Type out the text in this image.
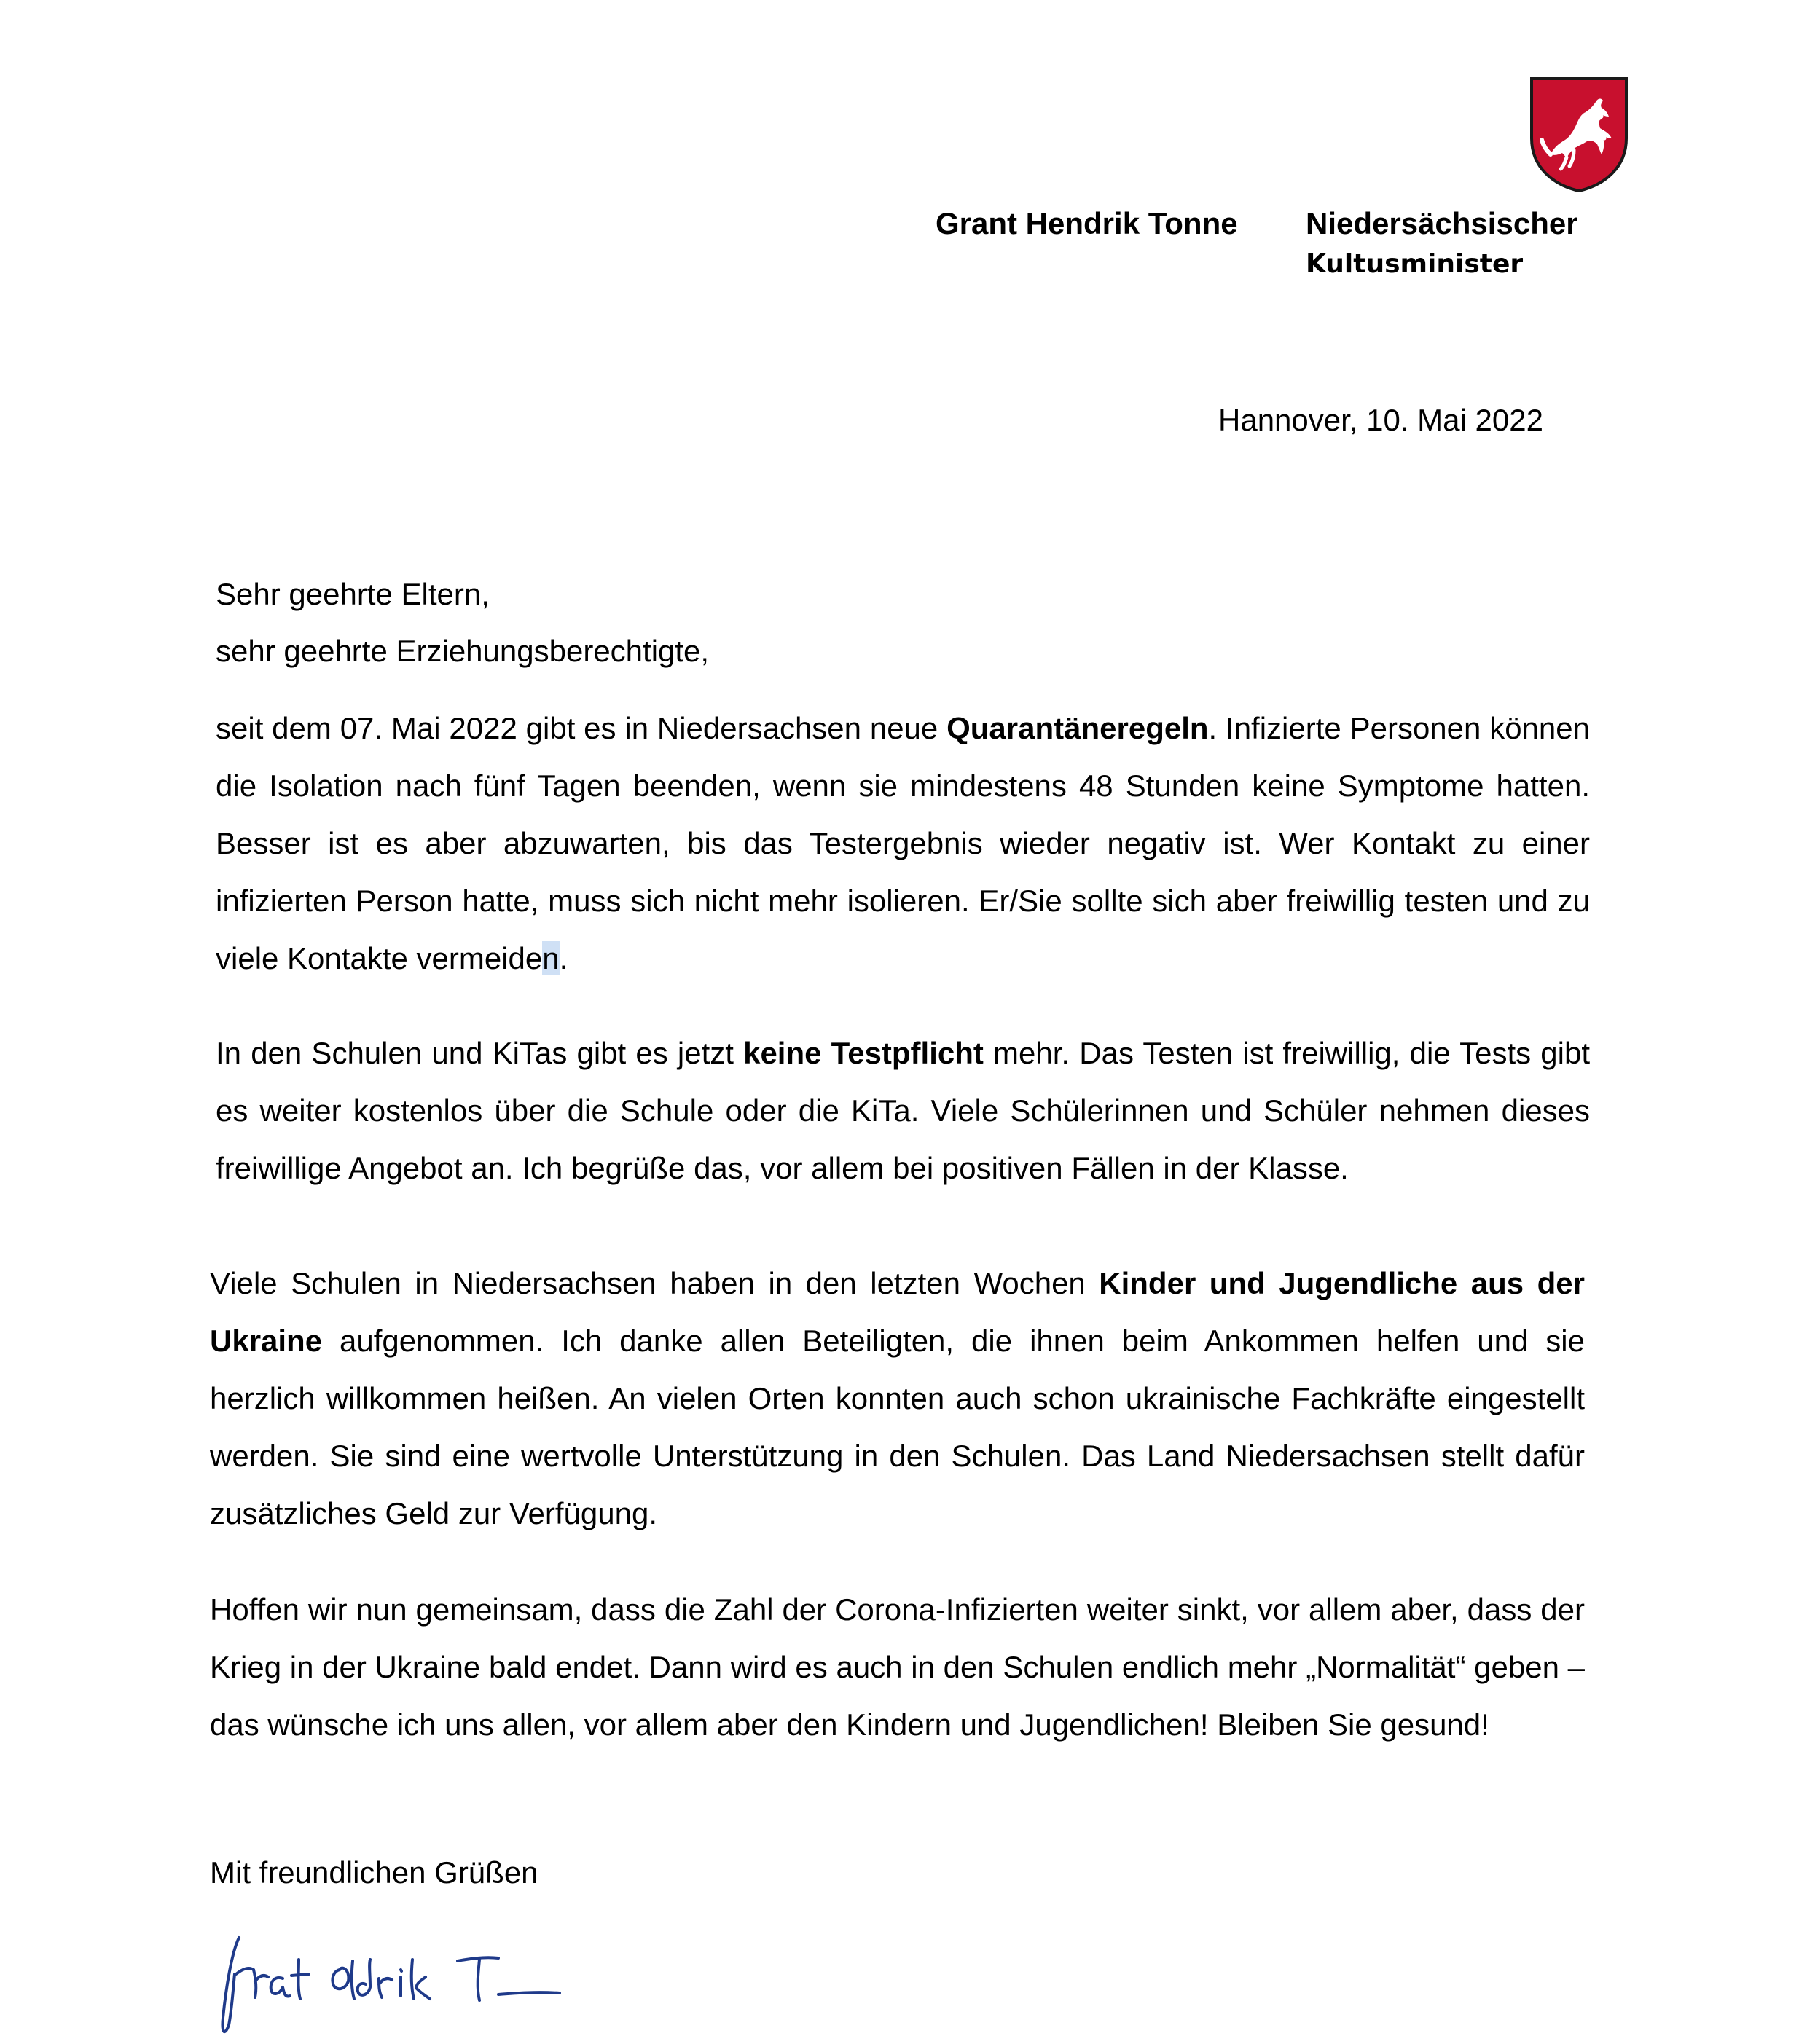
Grant Hendrik Tonne Niedersächsischer
Kultusminister
Hannover, 10. Mai 2022
Sehr geehrte Eltern,
sehr geehrte Erziehungsberechtigte,
seit dem 07. Mai 2022 gibt es in Niedersachsen neue Quarantäneregeln. Infizierte Personen können die Isolation nach fünf Tagen beenden, wenn sie mindestens 48 Stunden keine Symptome hatten. Besser ist es aber abzuwarten, bis das Testergebnis wieder negativ ist. Wer Kontakt zu einer infizierten Person hatte, muss sich nicht mehr isolieren. Er/Sie sollte sich aber freiwillig testen und zu viele Kontakte vermeiden.
In den Schulen und KiTas gibt es jetzt keine Testpflicht mehr. Das Testen ist freiwillig, die Tests gibt es weiter kostenlos über die Schule oder die KiTa. Viele Schülerinnen und Schüler nehmen dieses freiwillige Angebot an. Ich begrüße das, vor allem bei positiven Fällen in der Klasse.
Viele Schulen in Niedersachsen haben in den letzten Wochen Kinder und Jugendliche aus der Ukraine aufgenommen. Ich danke allen Beteiligten, die ihnen beim Ankommen helfen und sie herzlich willkommen heißen. An vielen Orten konnten auch schon ukrainische Fachkräfte eingestellt werden. Sie sind eine wertvolle Unterstützung in den Schulen. Das Land Niedersachsen stellt dafür zusätzliches Geld zur Verfügung.
Hoffen wir nun gemeinsam, dass die Zahl der Corona-Infizierten weiter sinkt, vor allem aber, dass der Krieg in der Ukraine bald endet. Dann wird es auch in den Schulen endlich mehr „Normalität“ geben – das wünsche ich uns allen, vor allem aber den Kindern und Jugendlichen! Bleiben Sie gesund!
Mit freundlichen Grüßen
